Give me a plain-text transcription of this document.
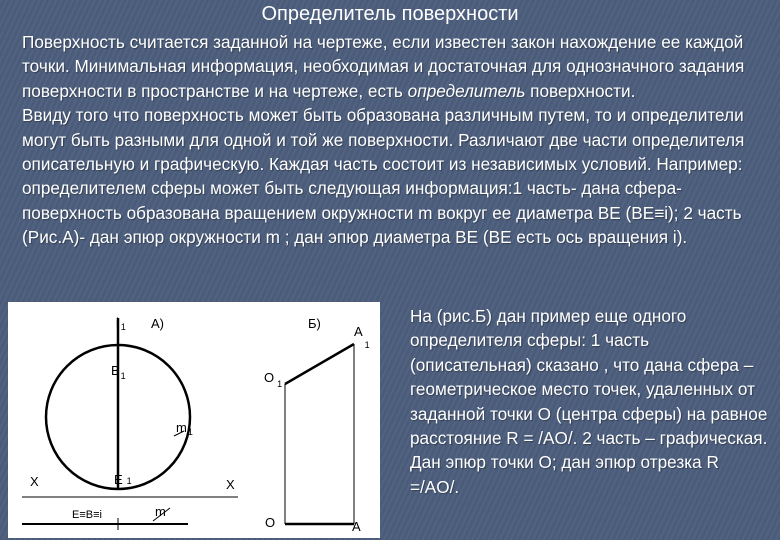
Определитель поверхности

Поверхность считается заданной на чертеже, если известен закон нахождение ее каждой точки. Минимальная информация, необходимая и достаточная для однозначного задания поверхности в пространстве и на чертеже, есть определитель поверхности.

Ввиду того что поверхность может быть образована различным путем, то и определители могут быть разными для одной и той же поверхности. Различают две части определителя описательную и графическую. Каждая часть состоит из независимых условий. Например: определителем сферы может быть следующая информация:1 часть- дана сфера-поверхность образована вращением окружности m вокруг ее диаметра BE (BE≡i); 2 часть (Рис.А)- дан эпюр окружности m ; дан эпюр диаметра BE (BE есть ось вращения i).

i $_1$ А)
$B_1$
$m_1$
E 1
X
E≡B≡i	m
Б)
$A_1$
O $_1$
X
O	A
На (рис.Б) дан пример еще одного определителя сферы: 1 часть (описательная) сказано , что дана сфера –геометрическое место точек, удаленных от заданной точки O (центра сферы) на равное расстояние R = /AO/. 2 часть – графическая. Дан эпюр точки O; дан эпюр отрезка R =/AO/.
